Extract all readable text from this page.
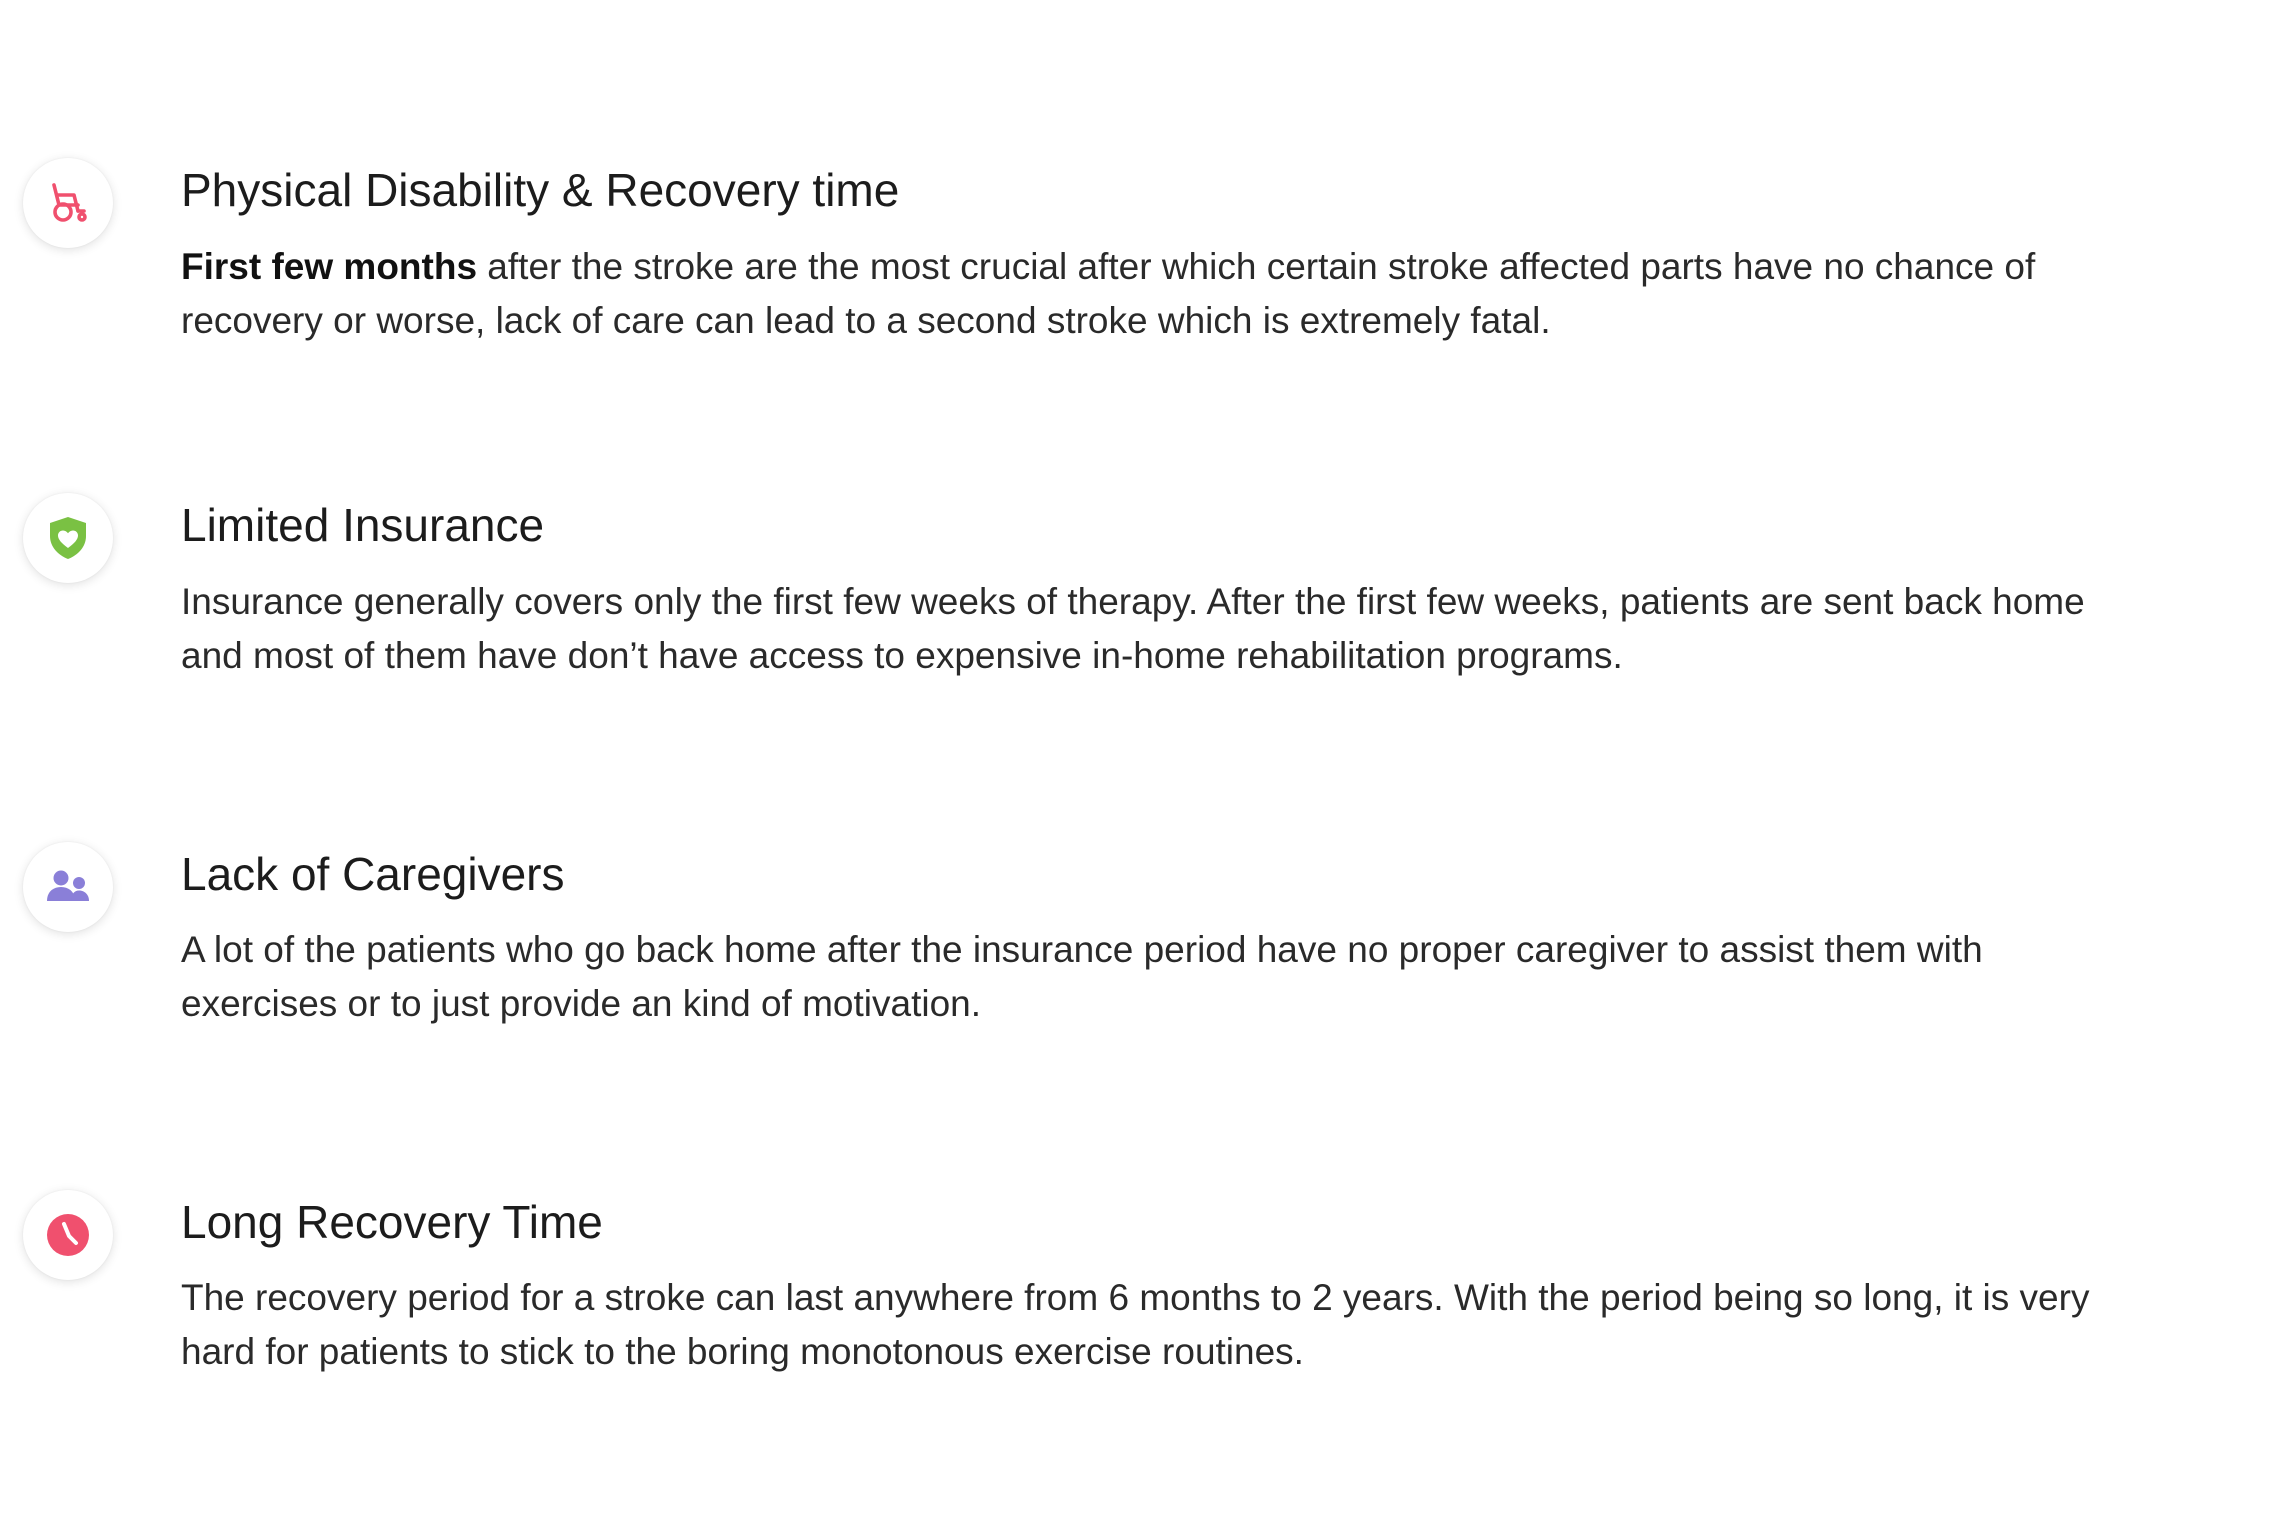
Physical Disability & Recovery time

First few months after the stroke are the most crucial after which certain stroke affected parts have no chance of recovery or worse, lack of care can lead to a second stroke which is extremely fatal.

Limited Insurance

Insurance generally covers only the first few weeks of therapy. After the first few weeks, patients are sent back home and most of them have don’t have access to expensive in-home rehabilitation programs.

Lack of Caregivers

A lot of the patients who go back home after the insurance period have no proper caregiver to assist them with exercises or to just provide an kind of motivation.

Long Recovery Time

The recovery period for a stroke can last anywhere from 6 months to 2 years. With the period being so long, it is very hard for patients to stick to the boring monotonous exercise routines.
